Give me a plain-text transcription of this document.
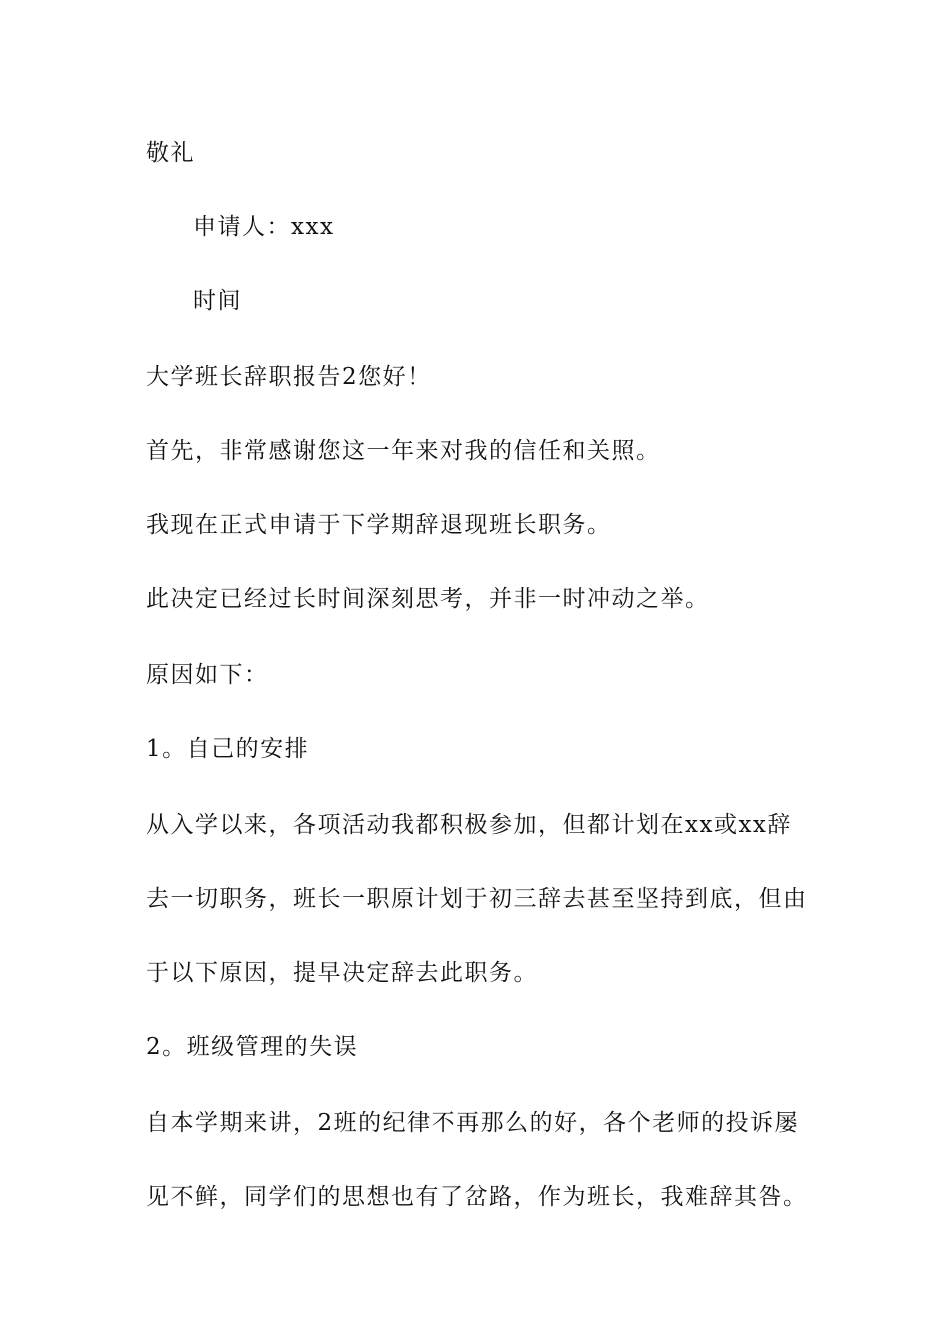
敬礼
申请人：xxx
时间
大学班长辞职报告2您好！
首先，非常感谢您这一年来对我的信任和关照。
我现在正式申请于下学期辞退现班长职务。
此决定已经过长时间深刻思考，并非一时冲动之举。
原因如下：
1。自己的安排
从入学以来，各项活动我都积极参加，但都计划在xx或xx辞
去一切职务，班长一职原计划于初三辞去甚至坚持到底，但由
于以下原因，提早决定辞去此职务。
2。班级管理的失误
自本学期来讲，2班的纪律不再那么的好，各个老师的投诉屡
见不鲜，同学们的思想也有了岔路，作为班长，我难辞其咎。
